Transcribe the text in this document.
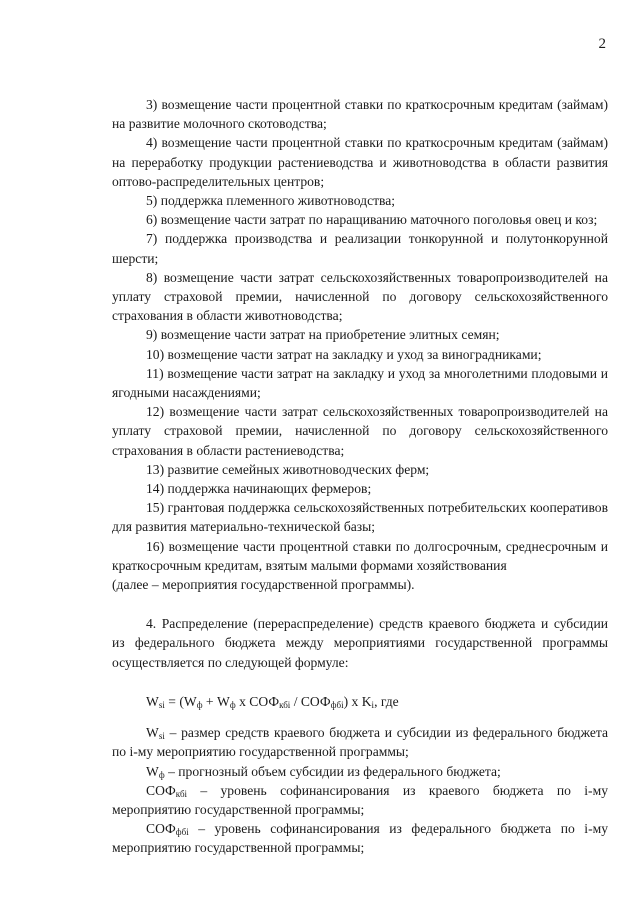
2

3) возмещение части процентной ставки по краткосрочным кредитам (займам) на развитие молочного скотоводства;

4) возмещение части процентной ставки по краткосрочным кредитам (займам) на переработку продукции растениеводства и животноводства в области развития оптово-распределительных центров;

5) поддержка племенного животноводства;

6) возмещение части затрат по наращиванию маточного поголовья овец и коз;

7) поддержка производства и реализации тонкорунной и полутонкорунной шерсти;

8) возмещение части затрат сельскохозяйственных товаропроизводителей на уплату страховой премии, начисленной по договору сельскохозяйственного страхования в области животноводства;

9) возмещение части затрат на приобретение элитных семян;

10) возмещение части затрат на закладку и уход за виноградниками;

11) возмещение части затрат на закладку и уход за многолетними плодовыми и ягодными насаждениями;

12) возмещение части затрат сельскохозяйственных товаропроизводителей на уплату страховой премии, начисленной по договору сельскохозяйственного страхования в области растениеводства;

13) развитие семейных животноводческих ферм;

14) поддержка начинающих фермеров;

15) грантовая поддержка сельскохозяйственных потребительских кооперативов для развития материально-технической базы;

16) возмещение части процентной ставки по долгосрочным, среднесрочным и краткосрочным кредитам, взятым малыми формами хозяйствования

(далее – мероприятия государственной программы).

4. Распределение (перераспределение) средств краевого бюджета и субсидии из федерального бюджета между мероприятиями государственной программы осуществляется по следующей формуле:

$W_{si} = (W_ф + W_ф$ x $СОФ_{кбi} / СОФ_{фбi}$) x $K_i$, где

$W_{si}$ – размер средств краевого бюджета и субсидии из федерального бюджета по i-му мероприятию государственной программы;

$W_ф$ – прогнозный объем субсидии из федерального бюджета;

$СОФ_{кбi}$ – уровень софинансирования из краевого бюджета по i-му мероприятию государственной программы;

$СОФ_{фбi}$ – уровень софинансирования из федерального бюджета по i-му мероприятию государственной программы;
